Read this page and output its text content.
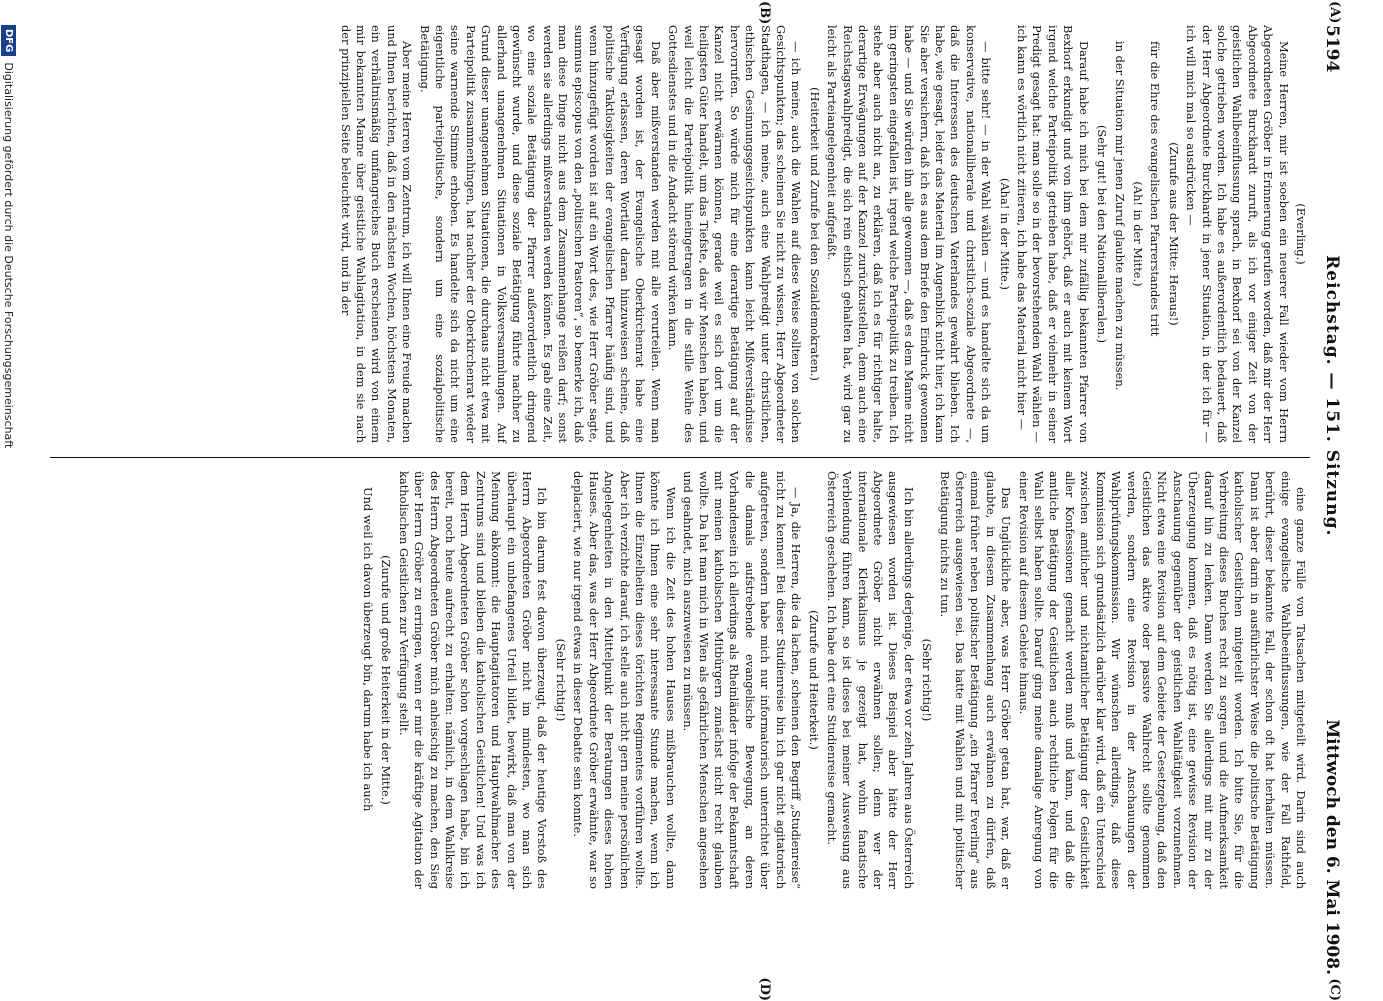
5194
Reichstag. — 151. Sitzung.
Mittwoch den 6. Mai 1908.
(A)
(B)
(C)
(D)

(Everling.)

Meine Herren, mir ist soeben ein neuerer Fall wieder vom Herrn Abgeordneten Gröber in Erinnerung gerufen worden, daß mir der Herr Abgeordnete Burckhardt zuruft, als ich vor einiger Zeit von der geistlichen Wahlbeeinflussung sprach, in Bexhorf sei von der Kanzel solche getrieben worden. Ich habe es außerordentlich bedauert, daß der Herr Abgeordnete Burckhardt in jener Situation, in der ich für — ich will mich mal so ausdrücken —

(Zurufe aus der Mitte: Heraus!)

für die Ehre des evangelischen Pfarrerstandes tritt

(Ah! in der Mitte.)

in der Situation mir jenen Zuruf glaubte machen zu müssen.

(Sehr gut! bei den Nationalliberalen.)

Darauf habe ich mich bei dem mir zufällig bekannten Pfarrer von Bexhorf erkundigt und von ihm gehört, daß er auch mit keinem Wort irgend welche Parteipolitik getrieben habe, daß er vielmehr in seiner Predigt gesagt hat: man solle so in der bevorstehenden Wahl wählen — ich kann es wörtlich nicht zitieren, ich habe das Material nicht hier —

(Aha! in der Mitte.)

— bitte sehr! — in der Wahl wählen — und es handelte sich da um konservative, nationalliberale und christlich-soziale Abgeordnete —, daß die Interessen des deutschen Vaterlandes gewahrt blieben. Ich habe, wie gesagt, leider das Material im Augenblick nicht hier, ich kann Sie aber versichern, daß ich es aus dem Briefe den Eindruck gewonnen habe — und Sie würden ihn alle gewonnen —, daß es dem Manne nicht im geringsten eingefallen ist, irgend welche Parteipolitik zu treiben. Ich stehe aber auch nicht an, zu erklären, daß ich es für richtiger halte, derartige Erwägungen auf der Kanzel zurückzustellen, denn auch eine Reichstagswahlpredigt, die sich rein ethisch gehalten hat, wird gar zu leicht als Parteiangelegenheit aufgefaßt.

(Heiterkeit und Zurufe bei den Sozialdemokraten.)

— ich meine, auch die Wahlen auf diese Weise sollten von solchen Gesichtspunkten; das scheinen Sie nicht zu wissen, Herr Abgeordneter Stadthagen, — ich meine, auch eine Wahlpredigt unter christlichen, ethischen Gesinnungsgesichtspunkten kann leicht Mißverständnisse hervorrufen. So würde mich für eine derartige Betätigung auf der Kanzel nicht erwärmen können, gerade weil es sich dort um die heiligsten Güter handelt, um das Tiefste, das wir Menschen haben, und weil leicht die Parteipolitik hineingetragen in die stille Weihe des Gottesdienstes und in die Andacht störend wirken kann.

Daß aber mißverstanden werden mit alle verurteilen. Wenn man gesagt worden ist, der Evangelische Oberkirchenrat habe eine Verfügung erlassen, deren Wortlaut daran hinzuweisen scheine, daß politische Taktlosigkeiten der evangelischen Pfarrer häufig sind, und wenn hinzugefügt worden ist auf ein Wort des, wie Herr Gröber sagte, summus episcopus von den „politischen Pastoren“, so bemerke ich, daß man diese Dinge nicht aus dem Zusammenhange reißen darf; sonst werden sie allerdings mißverstanden werden können. Es gab eine Zeit, wo eine soziale Betätigung der Pfarrer außerordentlich dringend gewünscht wurde, und diese soziale Betätigung führte nachher zu allerhand unangenehmen Situationen in Volksversammlungen. Auf Grund dieser unangenehmen Situationen, die durchaus nicht etwa mit Parteipolitik zusammenhingen, hat nachher der Oberkirchenrat wieder seine warnende Stimme erhoben. Es handelte sich da nicht um eine eigentliche parteipolitische, sondern um eine sozialpolitische Betätigung.

Aber meine Herren vom Zentrum, ich will Ihnen eine Freude machen und Ihnen berichten, daß in den nächsten Wochen, höchstens Monaten, ein verhältnismäßig umfangreiches Buch erscheinen wird von einem mir bekannten Manne über geistliche Wahlagitation, in dem sie nach der prinzipiellen Seite beleuchtet wird, und in der

eine ganze Fülle von Tatsachen mitgeteilt wird. Darin sind auch einige evangelische Wahlbeeinflussungen, wie der Fall Rathfeld, berührt, dieser bekannte Fall, der schon oft hat herhalten müssen. Dann ist aber darin in ausführlichster Weise die politische Betätigung katholischer Geistlichen mitgeteilt worden. Ich bitte Sie, für die Verbreitung dieses Buches recht zu sorgen und die Aufmerksamkeit darauf hin zu lenken. Dann werden Sie allerdings mit mir zu der Überzeugung kommen, daß es nötig ist, eine gewisse Revision der Anschauung gegenüber der geistlichen Wahltätigkeit vorzunehmen. Nicht etwa eine Revision auf dem Gebiete der Gesetzgebung, daß den Geistlichen das aktive oder passive Wahlrecht sollte genommen werden, sondern eine Revision in der Anschauungen der Wahlprüfungskommission. Wir wünschen allerdings, daß diese Kommission sich grundsätzlich darüber klar wird, daß ein Unterschied zwischen amtlicher und nichtamtlicher Betätigung der Geistlichkeit aller Konfessionen gemacht werden muß und kann, und daß die amtliche Betätigung der Geistlichen auch rechtliche Folgen für die Wahl selbst haben sollte. Darauf ging meine damalige Anregung von einer Revision auf diesem Gebiete hinaus.

Das Unglückliche aber, was Herr Gröber getan hat, war, daß er glaubte, in diesem Zusammenhang auch erwähnen zu dürfen, daß einmal früher neben politischer Betätigung „ein Pfarrer Everling“ aus Österreich ausgewiesen sei. Das hatte mit Wahlen und mit politischer Betätigung nichts zu tun.

(Sehr richtig!)

Ich bin allerdings derjenige, der etwa vor zehn Jahren aus Österreich ausgewiesen worden ist. Dieses Beispiel aber hätte der Herr Abgeordnete Gröber nicht erwähnen sollen; denn wer der internationale Klerikalismus je gezeigt hat, wohin fanatische Verblendung führen kann, so ist dieses bei meiner Ausweisung aus Österreich geschehen. Ich habe dort eine Studienreise gemacht.

(Zurufe und Heiterkeit.)

— Ja, die Herren, die da lachen, scheinen den Begriff „Studienreise“ nicht zu kennen! Bei dieser Studienreise bin ich gar nicht agitatorisch aufgetreten, sondern habe mich nur informatorisch unterrichtet über die damals aufstrebende evangelische Bewegung, an deren Vorhandensein ich allerdings als Rheinländer infolge der Bekanntschaft mit meinen katholischen Mitbürgern zunächst nicht recht glauben wollte. Da hat man mich in Wien als gefährlichen Menschen angesehen und geahndet, mich auszuweisen zu müssen.

Wenn ich die Zeit des hohen Hauses mißbrauchen wollte, dann könnte ich Ihnen eine sehr interessante Stunde machen, wenn ich Ihnen die Einzelheiten dieses törichten Regimentes vorführen wollte. Aber ich verzichte darauf, ich stelle auch nicht gern meine persönlichen Angelegenheiten in den Mittelpunkt der Beratungen dieses hohen Hauses. Aber das, was der Herr Abgeordnete Gröber erwähnte, war so deplaciert, wie nur irgend etwas in dieser Debatte sein konnte.

(Sehr richtig!)

Ich bin darum fest davon überzeugt, daß der heutige Vorstoß des Herrn Abgeordneten Gröber nicht im mindesten, wo man sich überhaupt ein unbefangenes Urteil bildet, bewirkt, daß man von der Meinung abkommt: die Hauptagitatoren und Hauptwahlmacher des Zentrums sind und bleiben die katholischen Geistlichen! Und was ich dem Herrn Abgeordneten Gröber schon vorgeschlagen habe, bin ich bereit, noch heute aufrecht zu erhalten: nämlich, in dem Wahlkreise des Herrn Abgeordneten Gröber mich anheischig zu machen, den Sieg über Herrn Gröber zu erringen, wenn er mir die kräftige Agitation der katholischen Geistlichen zur Verfügung stellt.

(Zurufe und große Heiterkeit in der Mitte.)

Und weil ich davon überzeugt bin, darum habe ich auch

DFG
Digitalisierung gefördert durch die Deutsche Forschungsgemeinschaft
